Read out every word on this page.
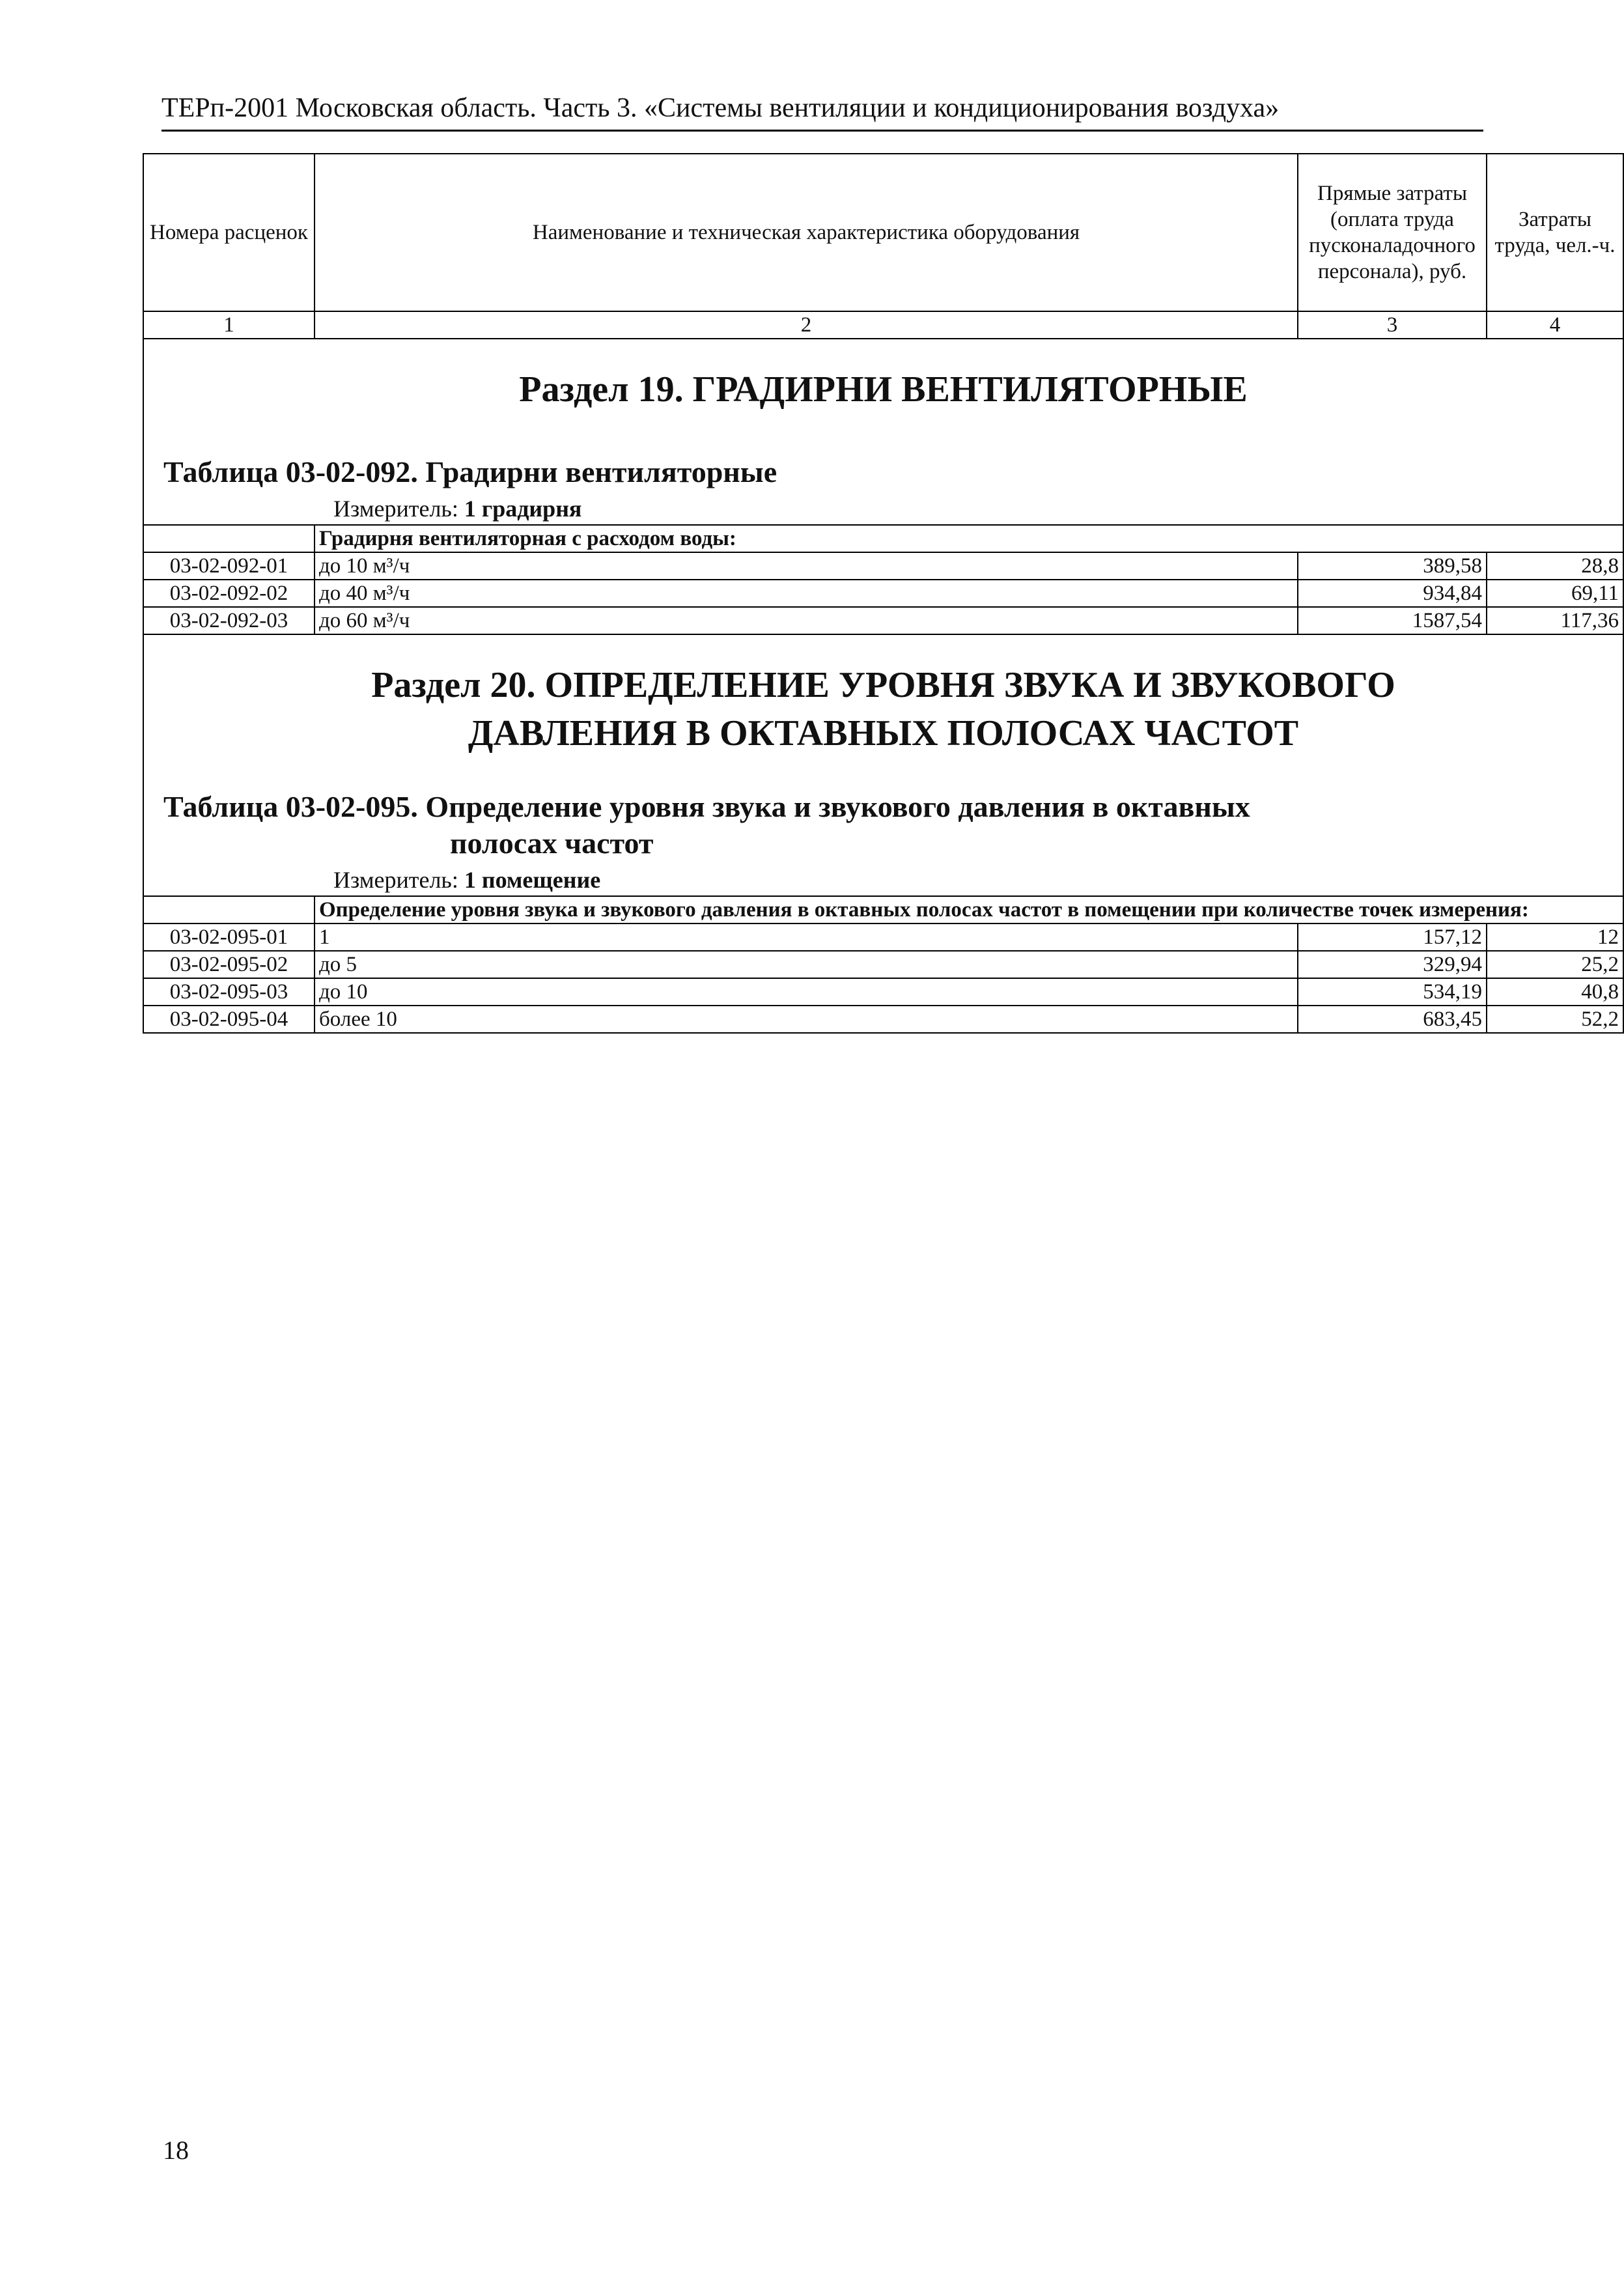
ТЕРп-2001 Московская область. Часть 3. «Системы вентиляции и кондиционирования воздуха»
Номера расценок	Наименование и техническая характеристика оборудования	Прямые затраты (оплата труда пусконаладочного персонала), руб.	Затраты труда, чел.-ч.
1	2	3	4

Раздел 19. ГРАДИРНИ ВЕНТИЛЯТОРНЫЕ
Таблица 03-02-092. Градирни вентиляторные
Измеритель: 1 градирня			

	Градирня вентиляторная с расходом воды:		
03-02-092-01	до 10 м³/ч	389,58	28,8
03-02-092-02	до 40 м³/ч	934,84	69,11
03-02-092-03	до 60 м³/ч	1587,54	117,36

Раздел 20. ОПРЕДЕЛЕНИЕ УРОВНЯ ЗВУКА И ЗВУКОВОГО
ДАВЛЕНИЯ В ОКТАВНЫХ ПОЛОСАХ ЧАСТОТ
Таблица 03-02-095. Определение уровня звука и звукового давления в октавных
полосах частот
Измеритель: 1 помещение			

	Определение уровня звука и звукового давления в октавных полосах частот в помещении при количестве точек измерения:		
03-02-095-01	1	157,12	12
03-02-095-02	до 5	329,94	25,2
03-02-095-03	до 10	534,19	40,8
03-02-095-04	более 10	683,45	52,2
18
